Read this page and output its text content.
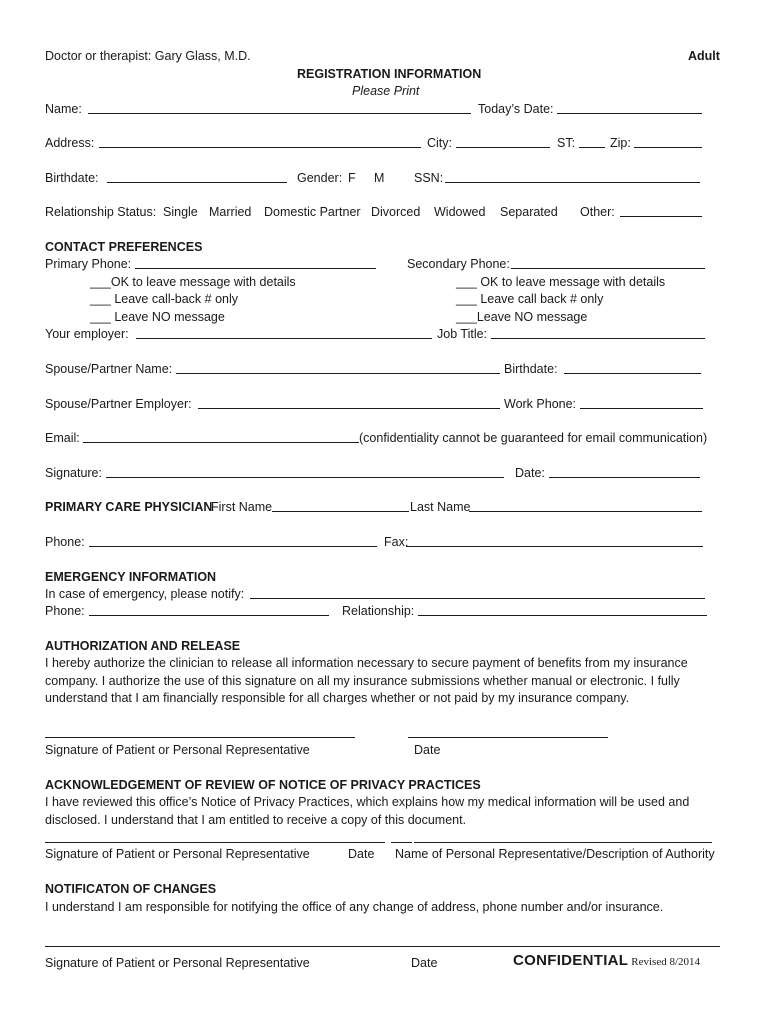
Doctor or therapist: Gary Glass, M.D.	Adult
REGISTRATION INFORMATION
Please Print
Name:	Today’s Date:
Address:	City:	ST:	Zip:
Birthdate:	Gender: F M SSN:
Relationship Status: Single Married Domestic Partner Divorced Widowed Separated Other:
CONTACT PREFERENCES
Primary Phone:	Secondary Phone:
___OK to leave message with details
___ Leave call-back # only
___ Leave NO message
___ OK to leave message with details
___ Leave call back # only
___Leave NO message
Your employer:	Job Title:
Spouse/Partner Name:	Birthdate:
Spouse/Partner Employer:	Work Phone:
Email:	(confidentiality cannot be guaranteed for email communication)
Signature:	Date:
PRIMARY CARE PHYSICIAN
First Name	Last Name
Phone:	Fax:
EMERGENCY INFORMATION
In case of emergency, please notify:
Phone:	Relationship:
AUTHORIZATION AND RELEASE
I hereby authorize the clinician to release all information necessary to secure payment of benefits from my insurance company. I authorize the use of this signature on all my insurance submissions whether manual or electronic. I fully understand that I am financially responsible for all charges whether or not paid by my insurance company.
Signature of Patient or Personal Representative	Date
ACKNOWLEDGEMENT OF REVIEW OF NOTICE OF PRIVACY PRACTICES
I have reviewed this office’s Notice of Privacy Practices, which explains how my medical information will be used and disclosed. I understand that I am entitled to receive a copy of this document.
Signature of Patient or Personal Representative	Date Name of Personal Representative/Description of Authority
NOTIFICATON OF CHANGES
I understand I am responsible for notifying the office of any change of address, phone number and/or insurance.
Signature of Patient or Personal Representative	Date	CONFIDENTIAL Revised 8/2014
